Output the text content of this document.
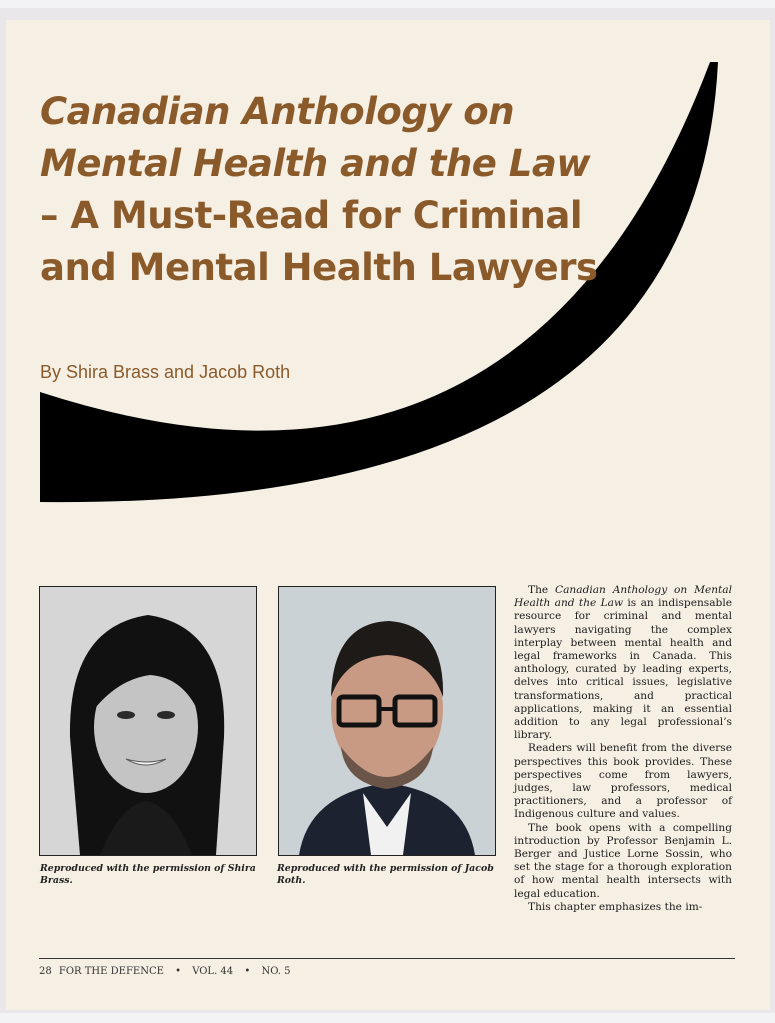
Canadian Anthology on Mental Health and the Law – A Must-Read for Criminal and Mental Health Lawyers

By Shira Brass and Jacob Roth

Reproduced with the permission of Shira Brass.

Reproduced with the permission of Jacob Roth.

The Canadian Anthology on Mental Health and the Law is an indispensable resource for criminal and mental lawyers navigating the complex interplay between mental health and legal frameworks in Canada. This anthology, curated by leading experts, delves into critical issues, legislative transformations, and practical applications, making it an essential addition to any legal professional’s library.

Readers will benefit from the diverse perspectives this book provides. These perspectives come from lawyers, judges, law professors, medical practitioners, and a professor of Indigenous culture and values.

The book opens with a compelling introduction by Professor Benjamin L. Berger and Justice Lorne Sossin, who set the stage for a thorough exploration of how mental health intersects with legal education.

This chapter emphasizes the im-

28 FOR THE DEFENCE • VOL. 44 • NO. 5
